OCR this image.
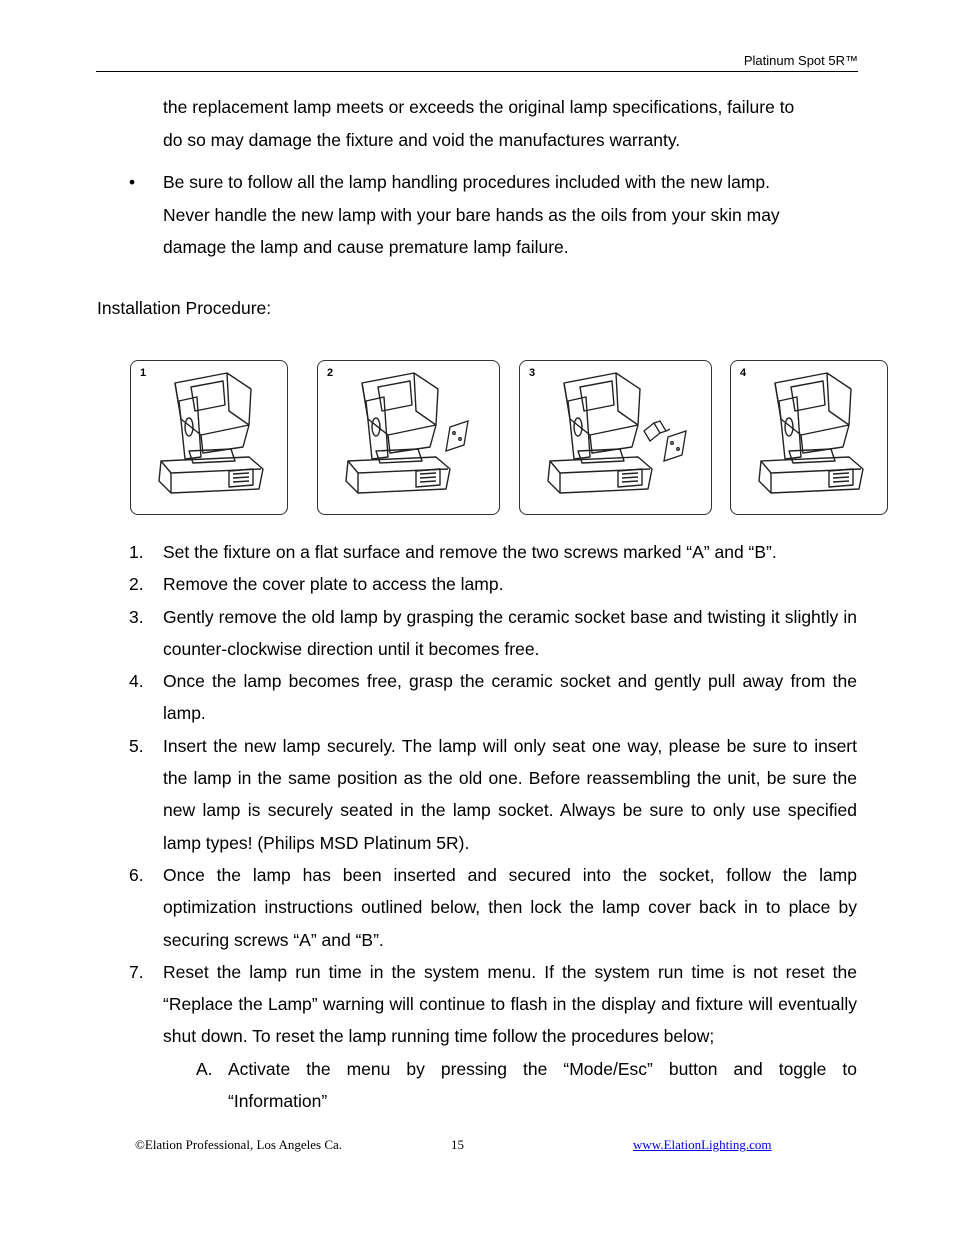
Platinum Spot 5R™
the replacement lamp meets or exceeds the original lamp specifications, failure to do so may damage the fixture and void the manufactures warranty.
• Be sure to follow all the lamp handling procedures included with the new lamp. Never handle the new lamp with your bare hands as the oils from your skin may damage the lamp and cause premature lamp failure.
Installation Procedure:
1	2	3	4
1. Set the fixture on a flat surface and remove the two screws marked “A” and “B”.
2. Remove the cover plate to access the lamp.
3. Gently remove the old lamp by grasping the ceramic socket base and twisting it slightly in counter-clockwise direction until it becomes free.
4. Once the lamp becomes free, grasp the ceramic socket and gently pull away from the lamp.
5. Insert the new lamp securely. The lamp will only seat one way, please be sure to insert the lamp in the same position as the old one. Before reassembling the unit, be sure the new lamp is securely seated in the lamp socket. Always be sure to only use specified lamp types! (Philips MSD Platinum 5R).
6. Once the lamp has been inserted and secured into the socket, follow the lamp optimization instructions outlined below, then lock the lamp cover back in to place by securing screws “A” and “B”.
7. Reset the lamp run time in the system menu. If the system run time is not reset the “Replace the Lamp” warning will continue to flash in the display and fixture will eventually shut down. To reset the lamp running time follow the procedures below;
A. Activate the menu by pressing the “Mode/Esc” button and toggle to “Information”
©Elation Professional, Los Angeles Ca.	15	www.ElationLighting.com
